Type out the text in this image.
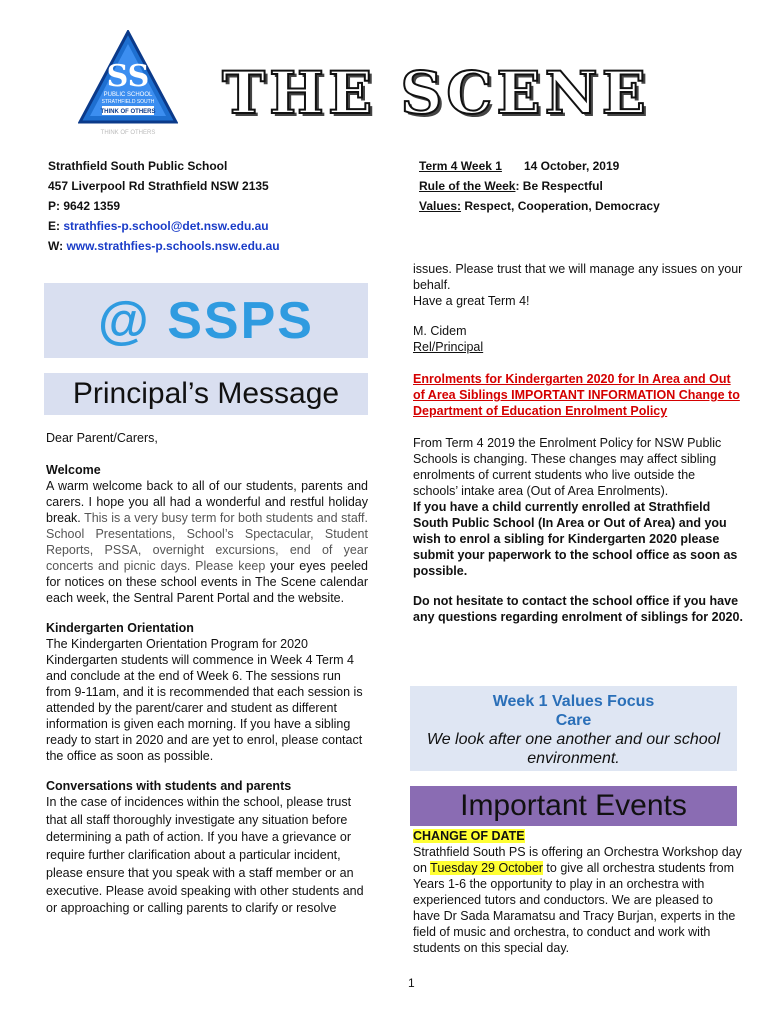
SS
PUBLIC SCHOOL
STRATHFIELD SOUTH
THINK OF OTHERS
THINK OF OTHERS
THE SCENE
Strathfield South Public School
457 Liverpool Rd Strathfield NSW 2135
P: 9642 1359
E: strathfies-p.school@det.nsw.edu.au
W: www.strathfies-p.schools.nsw.edu.au
Term 4 Week 1 14 October, 2019
Rule of the Week: Be Respectful
Values: Respect, Cooperation, Democracy
@ SSPS
Principal’s Message

Dear Parent/Carers,

Welcome

A warm welcome back to all of our students, parents and carers. I hope you all had a wonderful and restful holiday break. This is a very busy term for both students and staff. School Presentations, School’s Spectacular, Student Reports, PSSA, overnight excursions, end of year concerts and picnic days. Please keep your eyes peeled for notices on these school events in The Scene calendar each week, the Sentral Parent Portal and the website.

Kindergarten Orientation

The Kindergarten Orientation Program for 2020 Kindergarten students will commence in Week 4 Term 4 and conclude at the end of Week 6. The sessions run from 9-11am, and it is recommended that each session is attended by the parent/carer and student as different information is given each morning. If you have a sibling ready to start in 2020 and are yet to enrol, please contact the office as soon as possible.

Conversations with students and parents

In the case of incidences within the school, please trust that all staff thoroughly investigate any situation before determining a path of action. If you have a grievance or require further clarification about a particular incident, please ensure that you speak with a staff member or an executive. Please avoid speaking with other students and or approaching or calling parents to clarify or resolve

issues. Please trust that we will manage any issues on your behalf.

Have a great Term 4!

M. Cidem

Rel/Principal

Enrolments for Kindergarten 2020 for In Area and Out of Area Siblings IMPORTANT INFORMATION Change to Department of Education Enrolment Policy

From Term 4 2019 the Enrolment Policy for NSW Public Schools is changing. These changes may affect sibling enrolments of current students who live outside the schools’ intake area (Out of Area Enrolments).

If you have a child currently enrolled at Strathfield South Public School (In Area or Out of Area) and you wish to enrol a sibling for Kindergarten 2020 please submit your paperwork to the school office as soon as possible.

Do not hesitate to contact the school office if you have any questions regarding enrolment of siblings for 2020.

Week 1 Values Focus
Care
We look after one another and our school environment.
Important Events

CHANGE OF DATE

Strathfield South PS is offering an Orchestra Workshop day on Tuesday 29 October to give all orchestra students from Years 1-6 the opportunity to play in an orchestra with experienced tutors and conductors. We are pleased to have Dr Sada Maramatsu and Tracy Burjan, experts in the field of music and orchestra, to conduct and work with students on this special day.

1
